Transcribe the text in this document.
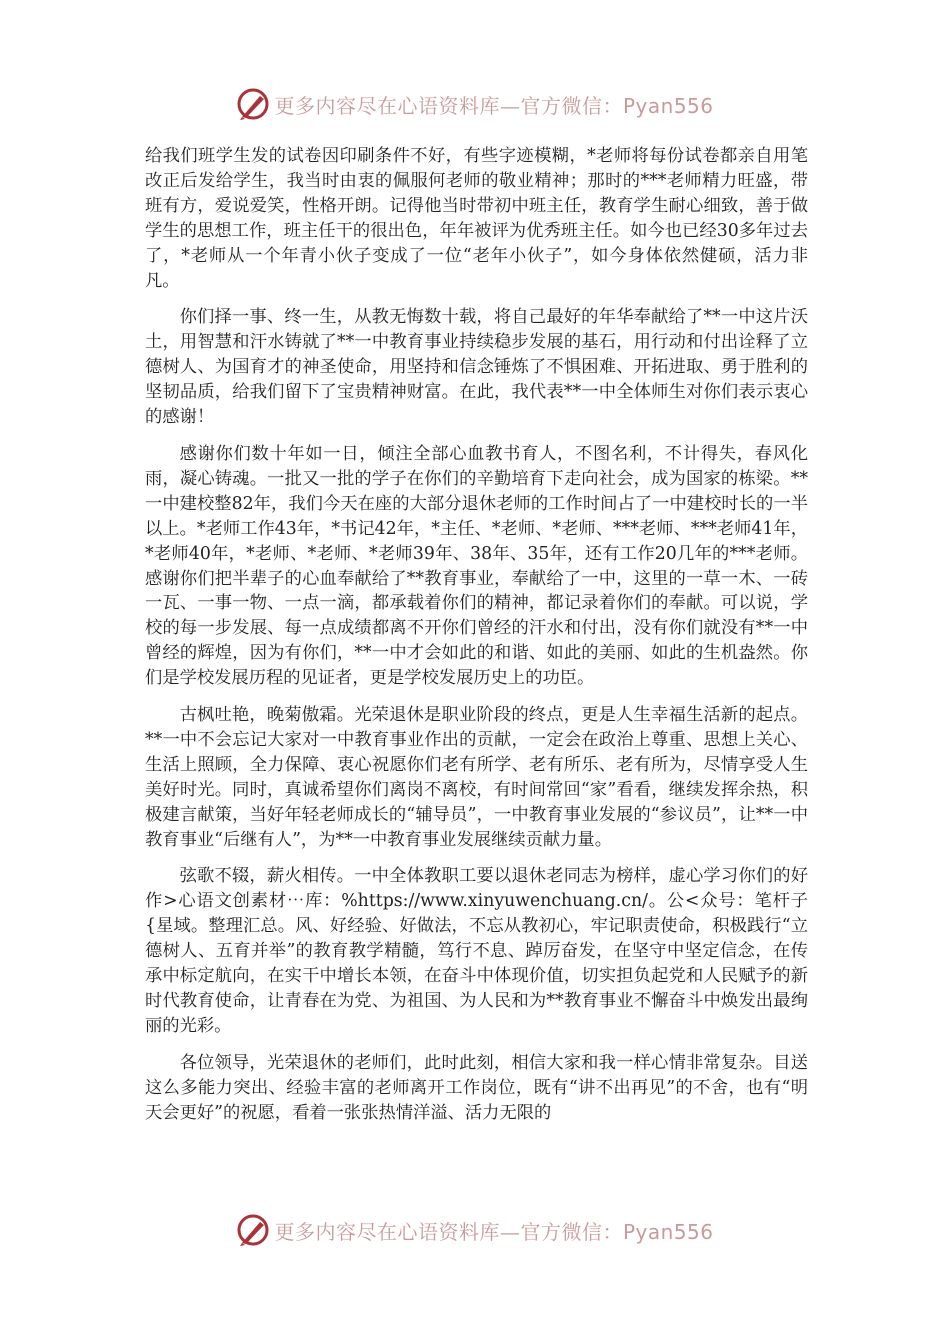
更多内容尽在心语资料库—官方微信：Pyan556

给我们班学生发的试卷因印刷条件不好，有些字迹模糊，*老师将每份试卷都亲自用笔改正后发给学生，我当时由衷的佩服何老师的敬业精神；那时的***老师精力旺盛，带班有方，爱说爱笑，性格开朗。记得他当时带初中班主任，教育学生耐心细致，善于做学生的思想工作，班主任干的很出色，年年被评为优秀班主任。如今也已经30多年过去了，*老师从一个年青小伙子变成了一位“老年小伙子”，如今身体依然健硕，活力非凡。

你们择一事、终一生，从教无悔数十载，将自己最好的年华奉献给了**一中这片沃土，用智慧和汗水铸就了**一中教育事业持续稳步发展的基石，用行动和付出诠释了立德树人、为国育才的神圣使命，用坚持和信念锤炼了不惧困难、开拓进取、勇于胜利的坚韧品质，给我们留下了宝贵精神财富。在此，我代表**一中全体师生对你们表示衷心的感谢！

感谢你们数十年如一日，倾注全部心血教书育人，不图名利，不计得失，春风化雨，凝心铸魂。一批又一批的学子在你们的辛勤培育下走向社会，成为国家的栋梁。**一中建校整82年，我们今天在座的大部分退休老师的工作时间占了一中建校时长的一半以上。*老师工作43年，*书记42年，*主任、*老师、*老师、***老师、***老师41年，*老师40年，*老师、*老师、*老师39年、38年、35年，还有工作20几年的***老师。感谢你们把半辈子的心血奉献给了**教育事业，奉献给了一中，这里的一草一木、一砖一瓦、一事一物、一点一滴，都承载着你们的精神，都记录着你们的奉献。可以说，学校的每一步发展、每一点成绩都离不开你们曾经的汗水和付出，没有你们就没有**一中曾经的辉煌，因为有你们，**一中才会如此的和谐、如此的美丽、如此的生机盎然。你们是学校发展历程的见证者，更是学校发展历史上的功臣。

古枫吐艳，晚菊傲霜。光荣退休是职业阶段的终点，更是人生幸福生活新的起点。**一中不会忘记大家对一中教育事业作出的贡献，一定会在政治上尊重、思想上关心、生活上照顾，全力保障、衷心祝愿你们老有所学、老有所乐、老有所为，尽情享受人生美好时光。同时，真诚希望你们离岗不离校，有时间常回“家”看看，继续发挥余热，积极建言献策，当好年轻老师成长的“辅导员”，一中教育事业发展的“参议员”，让**一中教育事业“后继有人”，为**一中教育事业发展继续贡献力量。

弦歌不辍，薪火相传。一中全体教职工要以退休老同志为榜样，虚心学习你们的好作>心语文创素材⋯库：%https://www.xinyuwenchuang.cn/。公<众号：笔杆子{星域。整理汇总。风、好经验、好做法，不忘从教初心，牢记职责使命，积极践行“立德树人、五育并举”的教育教学精髓，笃行不息、踔厉奋发，在坚守中坚定信念，在传承中标定航向，在实干中增长本领，在奋斗中体现价值，切实担负起党和人民赋予的新时代教育使命，让青春在为党、为祖国、为人民和为**教育事业不懈奋斗中焕发出最绚丽的光彩。

各位领导，光荣退休的老师们，此时此刻，相信大家和我一样心情非常复杂。目送这么多能力突出、经验丰富的老师离开工作岗位，既有“讲不出再见”的不舍，也有“明天会更好”的祝愿，看着一张张热情洋溢、活力无限的

更多内容尽在心语资料库—官方微信：Pyan556
